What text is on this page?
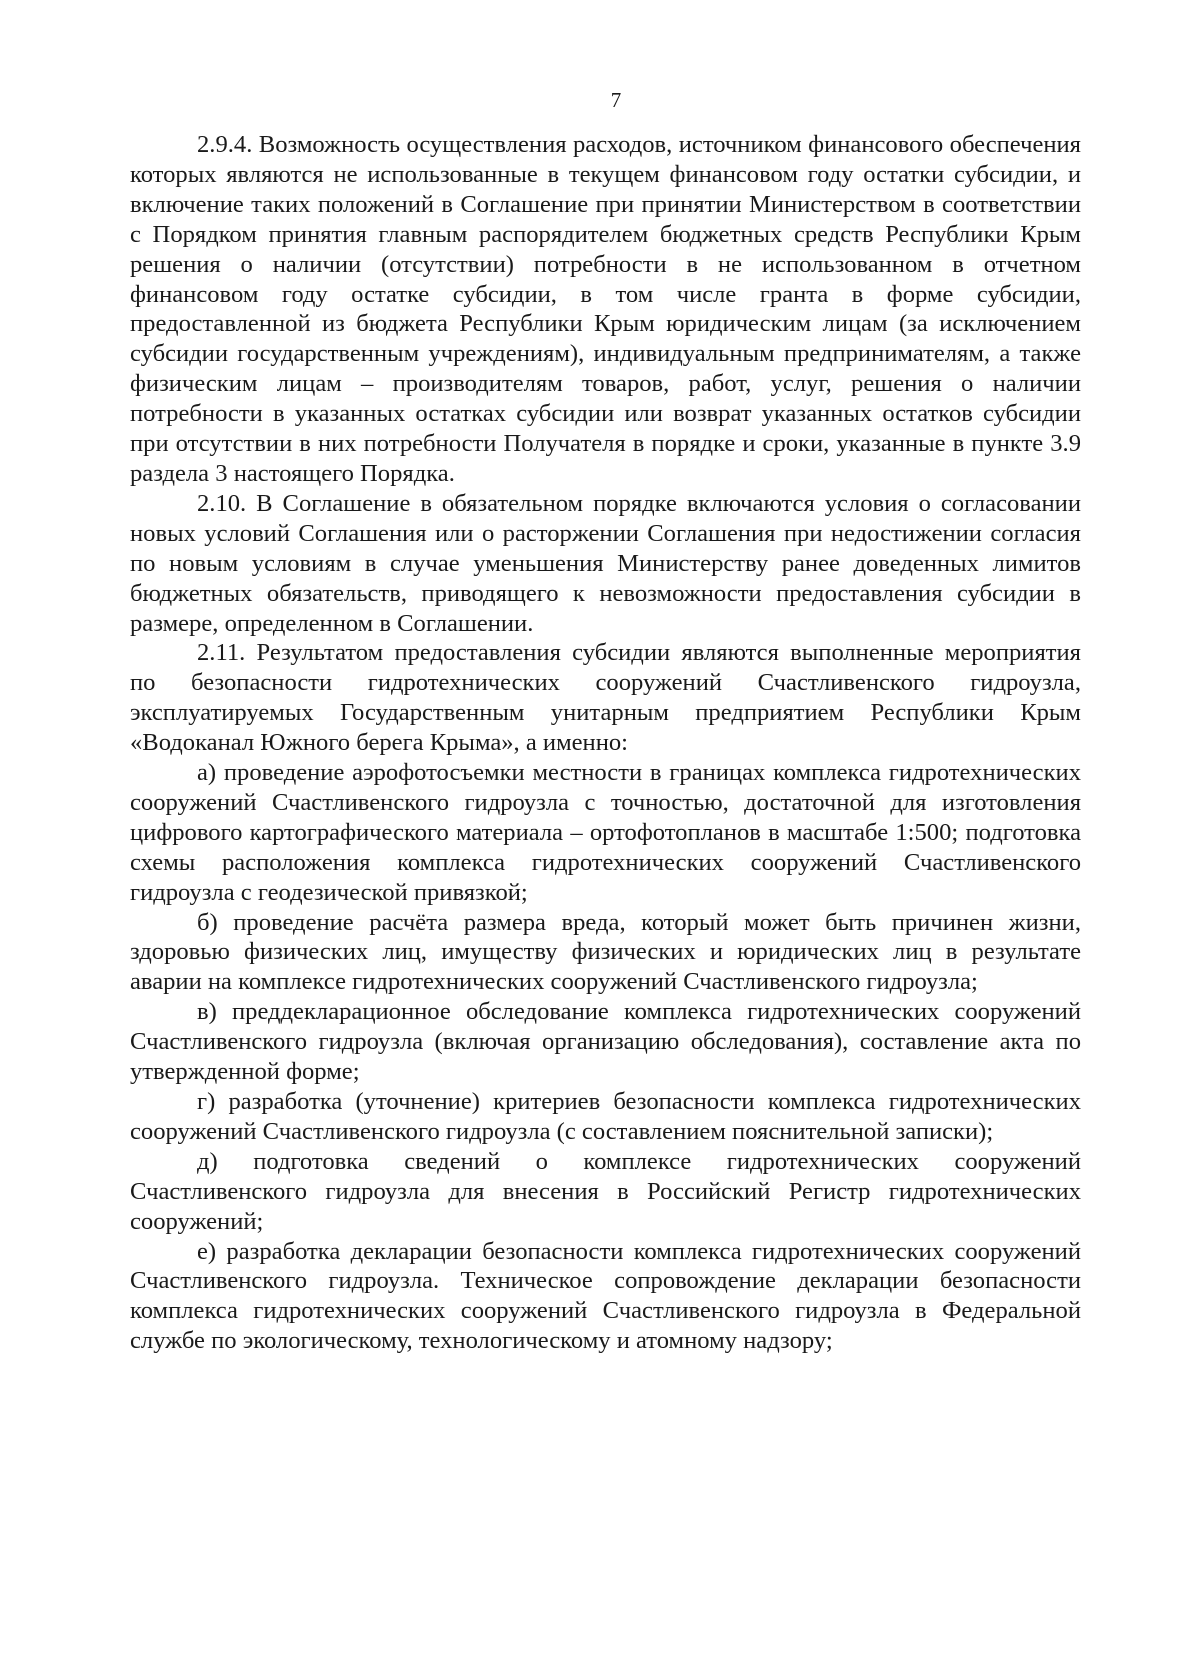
7

2.9.4. Возможность осуществления расходов, источником финансового обеспечения которых являются не использованные в текущем финансовом году остатки субсидии, и включение таких положений в Соглашение при принятии Министерством в соответствии с Порядком принятия главным распорядителем бюджетных средств Республики Крым решения о наличии (отсутствии) потребности в не использованном в отчетном финансовом году остатке субсидии, в том числе гранта в форме субсидии, предоставленной из бюджета Республики Крым юридическим лицам (за исключением субсидии государственным учреждениям), индивидуальным предпринимателям, а также физическим лицам – производителям товаров, работ, услуг, решения о наличии потребности в указанных остатках субсидии или возврат указанных остатков субсидии при отсутствии в них потребности Получателя в порядке и сроки, указанные в пункте 3.9 раздела 3 настоящего Порядка.

2.10. В Соглашение в обязательном порядке включаются условия о согласовании новых условий Соглашения или о расторжении Соглашения при недостижении согласия по новым условиям в случае уменьшения Министерству ранее доведенных лимитов бюджетных обязательств, приводящего к невозможности предоставления субсидии в размере, определенном в Соглашении.

2.11. Результатом предоставления субсидии являются выполненные мероприятия по безопасности гидротехнических сооружений Счастливенского гидроузла, эксплуатируемых Государственным унитарным предприятием Республики Крым «Водоканал Южного берега Крыма», а именно:

а) проведение аэрофотосъемки местности в границах комплекса гидротехнических сооружений Счастливенского гидроузла с точностью, достаточной для изготовления цифрового картографического материала – ортофотопланов в масштабе 1:500; подготовка схемы расположения комплекса гидротехнических сооружений Счастливенского гидроузла с геодезической привязкой;

б) проведение расчёта размера вреда, который может быть причинен жизни, здоровью физических лиц, имуществу физических и юридических лиц в результате аварии на комплексе гидротехнических сооружений Счастливенского гидроузла;

в) преддекларационное обследование комплекса гидротехнических сооружений Счастливенского гидроузла (включая организацию обследования), составление акта по утвержденной форме;

г) разработка (уточнение) критериев безопасности комплекса гидротехнических сооружений Счастливенского гидроузла (с составлением пояснительной записки);

д) подготовка сведений о комплексе гидротехнических сооружений Счастливенского гидроузла для внесения в Российский Регистр гидротехнических сооружений;

е) разработка декларации безопасности комплекса гидротехнических сооружений Счастливенского гидроузла. Техническое сопровождение декларации безопасности комплекса гидротехнических сооружений Счастливенского гидроузла в Федеральной службе по экологическому, технологическому и атомному надзору;
